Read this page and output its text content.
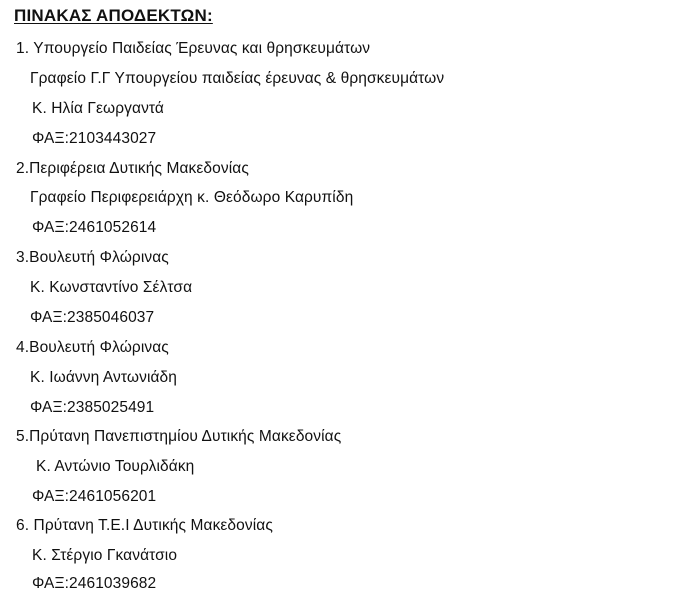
ΠΙΝΑΚΑΣ ΑΠΟΔΕΚΤΩΝ:
1. Υπουργείο Παιδείας Έρευνας και θρησκευμάτων
Γραφείο Γ.Γ Υπουργείου παιδείας έρευνας & θρησκευμάτων
Κ. Ηλία Γεωργαντά
ΦΑΞ:2103443027
2.Περιφέρεια Δυτικής Μακεδονίας
Γραφείο Περιφερειάρχη κ. Θεόδωρο Καρυπίδη
ΦΑΞ:2461052614
3.Βουλευτή Φλώρινας
Κ. Κωνσταντίνο Σέλτσα
ΦΑΞ:2385046037
4.Βουλευτή Φλώρινας
Κ. Ιωάννη Αντωνιάδη
ΦΑΞ:2385025491
5.Πρύτανη Πανεπιστημίου Δυτικής Μακεδονίας
Κ. Αντώνιο Τουρλιδάκη
ΦΑΞ:2461056201
6. Πρύτανη Τ.Ε.Ι Δυτικής Μακεδονίας
Κ. Στέργιο Γκανάτσιο
ΦΑΞ:2461039682
